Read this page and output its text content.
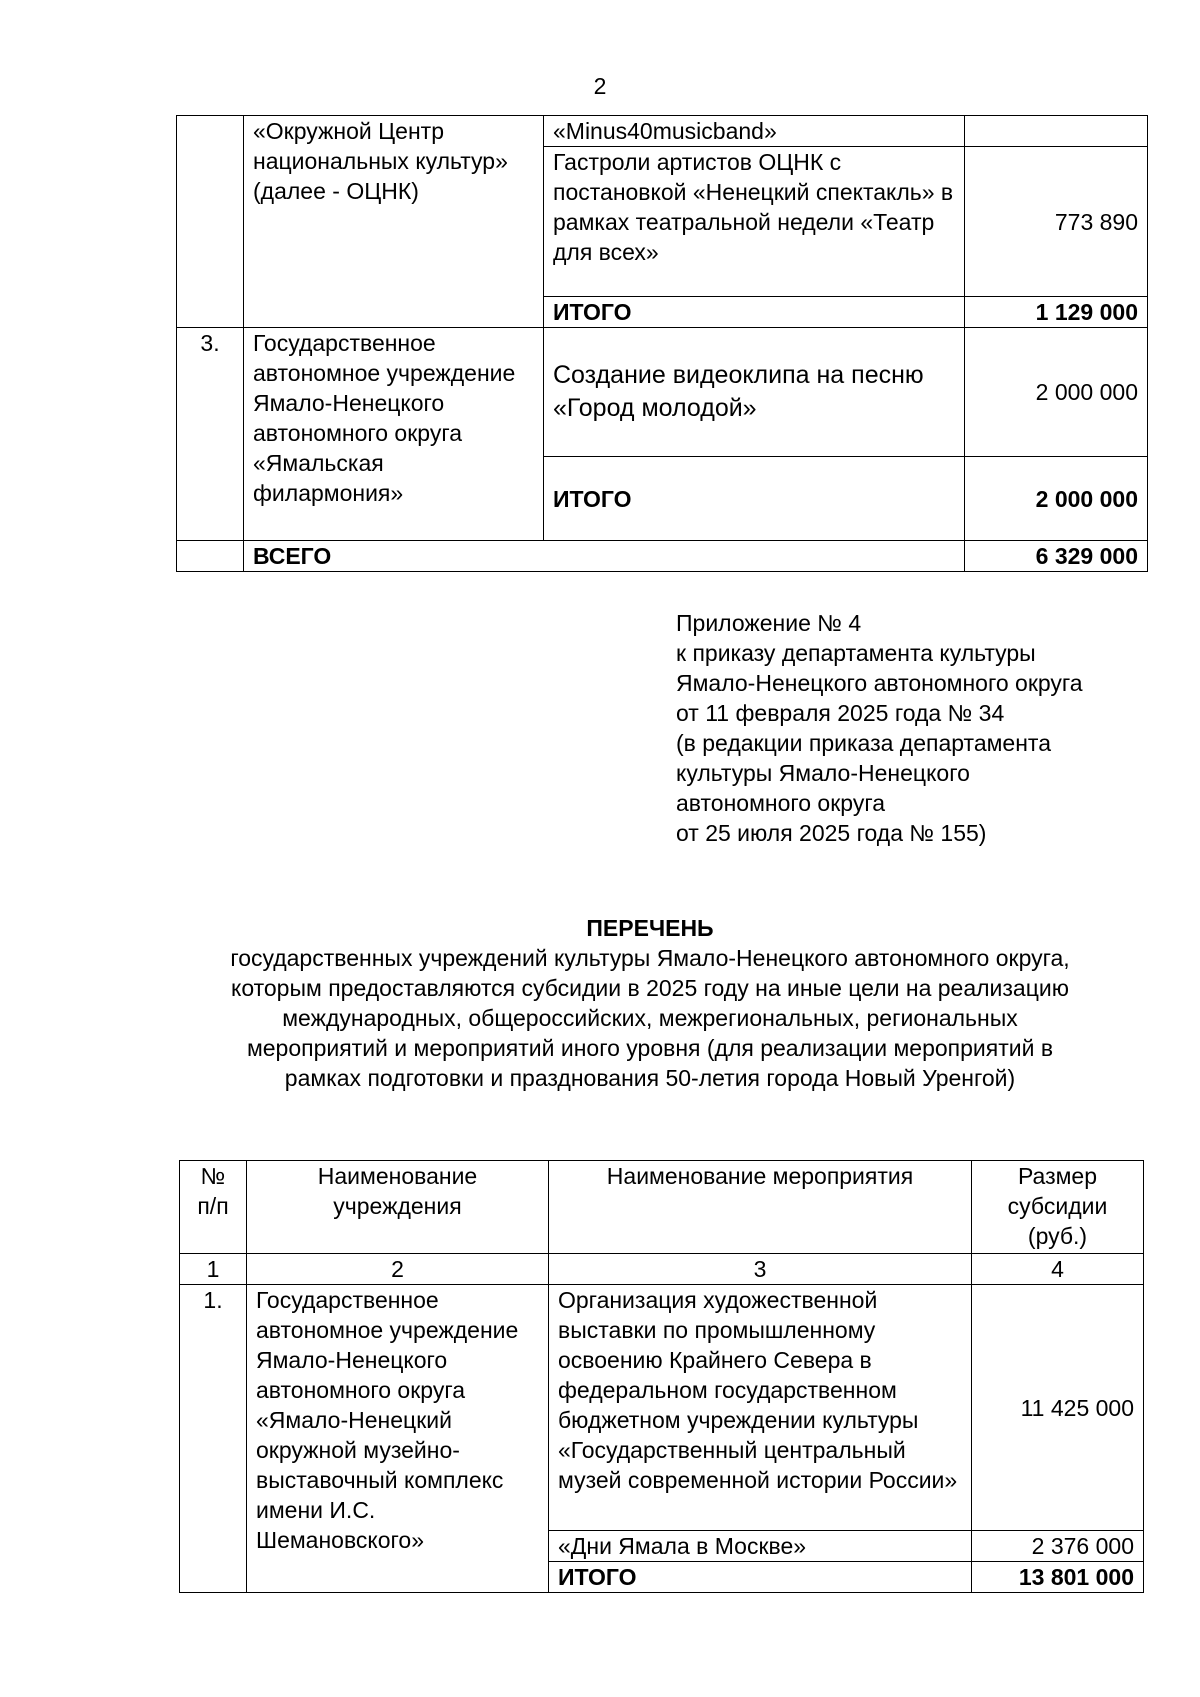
2
	«Окружной Центр национальных культур» (далее - ОЦНК)	«Minus40musicband»	
		Гастроли артистов ОЦНК с постановкой «Ненецкий спектакль» в рамках театральной недели «Театр для всех»	773 890
		ИТОГО	1 129 000
3.	Государственное автономное учреждение Ямало-Ненецкого автономного округа «Ямальская филармония»	Создание видеоклипа на песню «Город молодой»	2 000 000
		ИТОГО	2 000 000
	ВСЕГО		6 329 000
Приложение № 4
к приказу департамента культуры
Ямало-Ненецкого автономного округа
от 11 февраля 2025 года № 34
(в редакции приказа департамента
культуры Ямало-Ненецкого
автономного округа
от 25 июля 2025 года № 155)
ПЕРЕЧЕНЬ
государственных учреждений культуры Ямало-Ненецкого автономного округа,
которым предоставляются субсидии в 2025 году на иные цели на реализацию
международных, общероссийских, межрегиональных, региональных
мероприятий и мероприятий иного уровня (для реализации мероприятий в
рамках подготовки и празднования 50-летия города Новый Уренгой)
№ п/п	Наименование учреждения	Наименование мероприятия	Размер субсидии (руб.)
1	2	3	4
1.	Государственное автономное учреждение Ямало-Ненецкого автономного округа «Ямало-Ненецкий окружной музейно-выставочный комплекс имени И.С. Шемановского»	Организация художественной выставки по промышленному освоению Крайнего Севера в федеральном государственном бюджетном учреждении культуры «Государственный центральный музей современной истории России»	11 425 000
		«Дни Ямала в Москве»	2 376 000
		ИТОГО	13 801 000
